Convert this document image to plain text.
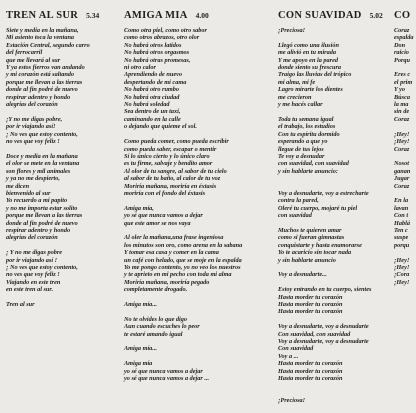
TREN AL SUR 5.34
Siete y media en la mañana,
Mi asiento toca la ventana
Estación Central, segundo carro
del ferrocarril
que me llevará al sur
Y ya estos fierros van andando
y mi corazón está saltando
porque me llevan a las tierras
donde al fin podré de nuevo
respirar adentro y hondo
alegrías del corazón

¡Y no me digas pobre,
por ir viajando así!
¡ No ves que estoy contento,
no ves que voy feliz !

Doce y media en la mañana
el olor se mete en la ventana
son flores y mil animales
y ya no me despierto,
me dicen
bienvenido al sur
Yo recuerdo a mi papito
y no me importa estar solito
porque me llevan a las tierras
donde al fin podré de nuevo
respirar adentro y hondo
alegrías del corazón

¡ Y no me digas pobre
por ir viajando así !
¡ No ves que estoy contento,
no ves que voy feliz !
Viajando en este tren
en este tren al sur.

Tren al sur
AMIGA MIA 4.00
Como otra piel, como otro sabor
como otros abrazos, otro olor
No habrá otros latidos
No habrá otros orgasmos
No habrá otras promesas,
ni otro calor
Aprendiendo de nuevo
despertando de mi cama
No habrá otro rumbo
No habrá otra ciudad
No habrá soledad
Sea dentro de un taxi,
caminando en la calle
o dejando que quieme el sol.

Como pueda comer, como pueda escribir
como pueda saber, escapar o mentir
Sí lo único cierto y lo único claro
es tu firme, salvaje y bendito amor
Al olor de tu sangre, al sabor de tu cielo
al sabor de tu baño, al calor de tu voz
Moriría mañana, moriría en éxtasis
moriría con el fondo del éxtasis

Amiga mía,
yo sé que nunca vamos a dejar
que este amor se nos vaya

Al oler la mañana,una frase ingeniosa
los minutos son oro, como arena en la sabana
Y tomar esa casa y comer en la cama
un café con helado, que se moje en la espalda
Yo me pongo contento, yo no veo los nuestros
y te aprieto en mi pecho con toda mi alma
Moriría mañana, moriría pegado
completamente drogado.

Amiga mía...

No te olvides lo que digo
Aun cuando escuches lo peor
te estaré amando igual

Amiga mía...

Amiga mía
yo sé que nunca vamos a dejar
yo sé que nunca vamos a dejar ...
CON SUAVIDAD 5.02
¡Preciosa!

Llegó como una ilusión
me alivió en tu mirada
Y me apoyo en la pared
donde siento su frescura
Traigo las lluvias del trópico
mi alma, mi fe
Lagro mirarte los dientes
me crecieron
y me hacés callar

Toda tu semana igual
el trabajo, los estudios
Con tu espíritu dormido
esperando a que yo
llegue de tus lejos
Te voy a desnudar
con suavidad, con suavidad
y sin hablarte anuncio:

Voy a desnudarte, voy a estrecharte
contra la pared,
Oleré tu cuerpo, mojaré tu piel
con suavidad

Muchos te quieren amar
como si fueran gimnastas
conquistarte y hasta enamorarse
Yo te acaricio sin tocar nada
y sin hablarte anuncio

Voy a desnudarte...

Estoy entrando en tu cuerpo, sientes
Hasta morder tu corazón
Hasta morder tu corazón
Hasta morder tu corazón

Voy a desnudarte, voy a desnudarte
Con suavidad, con suavidad
Voy a desnudarte, voy a desnudarte
Con suavidad
Voy a ...
Hasta morder tu corazón
Hasta morder tu corazón
Hasta morder tu corazón

¡Preciosa!
CO
Coraz
espalda
Don
raicio
Porqu

Eres c
el prim
Y yo
Búsca
la ma
sin de
Coraz

¡Hey!
¡Hey!
Coraz

Nosot
ganan
Jugar
Coraz

En la
lavan
Con t
Hablá
Ten c
suspe
porqu

¡Hey!
¡Hey!
¡Cora
¡Hey!
